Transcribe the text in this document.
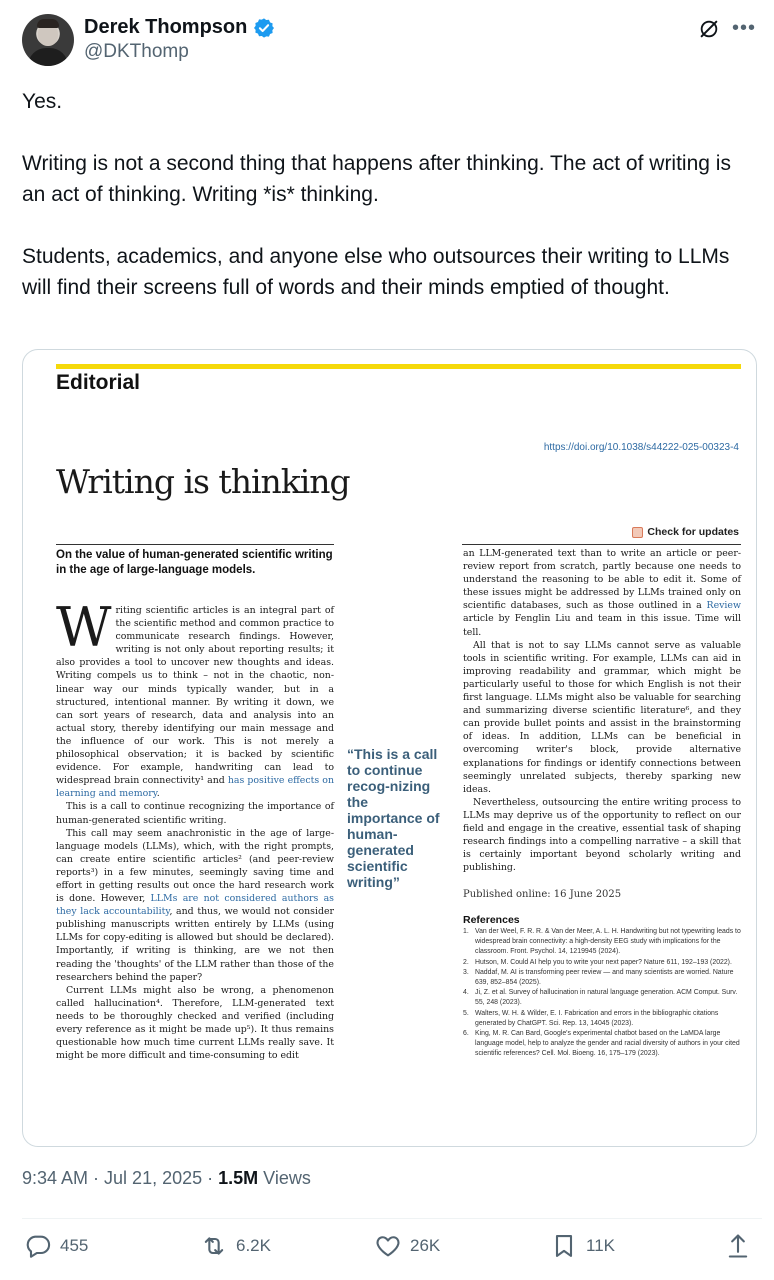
Derek Thompson
@DKThomp
•••

Yes.

Writing is not a second thing that happens after thinking. The act of writing is an act of thinking. Writing *is* thinking.

Students, academics, and anyone else who outsources their writing to LLMs will find their screens full of words and their minds emptied of thought.

Editorial
https://doi.org/10.1038/s44222-025-00323-4
Writing is thinking
Check for updates
On the value of human-generated scientific writing in the age of large-language models.

Writing scientific articles is an integral part of the scientific method and common practice to communicate research findings. However, writing is not only about reporting results; it also provides a tool to uncover new thoughts and ideas. Writing compels us to think – not in the chaotic, non-linear way our minds typically wander, but in a structured, intentional manner. By writing it down, we can sort years of research, data and analysis into an actual story, thereby identifying our main message and the influence of our work. This is not merely a philosophical observation; it is backed by scientific evidence. For example, handwriting can lead to widespread brain connectivity¹ and has positive effects on learning and memory.

This is a call to continue recognizing the importance of human-generated scientific writing.

This call may seem anachronistic in the age of large-language models (LLMs), which, with the right prompts, can create entire scientific articles² (and peer-review reports³) in a few minutes, seemingly saving time and effort in getting results out once the hard research work is done. However, LLMs are not considered authors as they lack accountability, and thus, we would not consider publishing manuscripts written entirely by LLMs (using LLMs for copy-editing is allowed but should be declared). Importantly, if writing is thinking, are we not then reading the 'thoughts' of the LLM rather than those of the researchers behind the paper?

Current LLMs might also be wrong, a phenomenon called hallucination⁴. Therefore, LLM-generated text needs to be thoroughly checked and verified (including every reference as it might be made up⁵). It thus remains questionable how much time current LLMs really save. It might be more difficult and time-consuming to edit

“This is a call to continue recog-nizing the importance of human-generated scientific writing”

an LLM-generated text than to write an article or peer-review report from scratch, partly because one needs to understand the reasoning to be able to edit it. Some of these issues might be addressed by LLMs trained only on scientific databases, such as those outlined in a Review article by Fenglin Liu and team in this issue. Time will tell.

All that is not to say LLMs cannot serve as valuable tools in scientific writing. For example, LLMs can aid in improving readability and grammar, which might be particularly useful to those for which English is not their first language. LLMs might also be valuable for searching and summarizing diverse scientific literature⁶, and they can provide bullet points and assist in the brainstorming of ideas. In addition, LLMs can be beneficial in overcoming writer's block, provide alternative explanations for findings or identify connections between seemingly unrelated subjects, thereby sparking new ideas.

Nevertheless, outsourcing the entire writing process to LLMs may deprive us of the opportunity to reflect on our field and engage in the creative, essential task of shaping research findings into a compelling narrative – a skill that is certainly important beyond scholarly writing and publishing.

Published online: 16 June 2025
References
1. Van der Weel, F. R. R. & Van der Meer, A. L. H. Handwriting but not typewriting leads to widespread brain connectivity: a high-density EEG study with implications for the classroom. Front. Psychol. 14, 1219945 (2024).
2. Hutson, M. Could AI help you to write your next paper? Nature 611, 192–193 (2022).
3. Naddaf, M. AI is transforming peer review — and many scientists are worried. Nature 639, 852–854 (2025).
4. Ji, Z. et al. Survey of hallucination in natural language generation. ACM Comput. Surv. 55, 248 (2023).
5. Walters, W. H. & Wilder, E. I. Fabrication and errors in the bibliographic citations generated by ChatGPT. Sci. Rep. 13, 14045 (2023).
6. King, M. R. Can Bard, Google's experimental chatbot based on the LaMDA large language model, help to analyze the gender and racial diversity of authors in your cited scientific references? Cell. Mol. Bioeng. 16, 175–179 (2023).
9:34 AM · Jul 21, 2025 · 1.5M Views
455	6.2K	26K	11K
